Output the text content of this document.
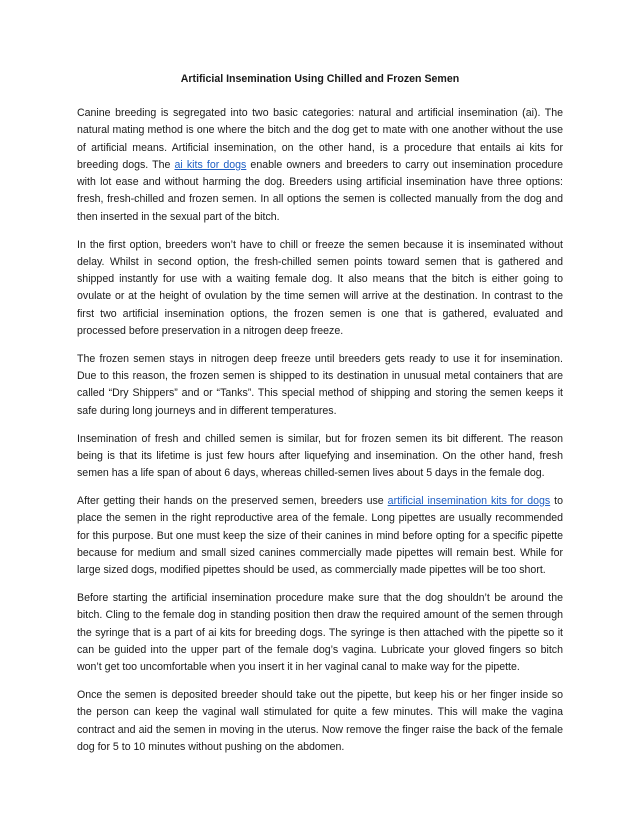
Artificial Insemination Using Chilled and Frozen Semen

Canine breeding is segregated into two basic categories: natural and artificial insemination (ai). The natural mating method is one where the bitch and the dog get to mate with one another without the use of artificial means. Artificial insemination, on the other hand, is a procedure that entails ai kits for breeding dogs. The ai kits for dogs enable owners and breeders to carry out insemination procedure with lot ease and without harming the dog. Breeders using artificial insemination have three options: fresh, fresh-chilled and frozen semen. In all options the semen is collected manually from the dog and then inserted in the sexual part of the bitch.

In the first option, breeders won’t have to chill or freeze the semen because it is inseminated without delay. Whilst in second option, the fresh-chilled semen points toward semen that is gathered and shipped instantly for use with a waiting female dog. It also means that the bitch is either going to ovulate or at the height of ovulation by the time semen will arrive at the destination. In contrast to the first two artificial insemination options, the frozen semen is one that is gathered, evaluated and processed before preservation in a nitrogen deep freeze.

The frozen semen stays in nitrogen deep freeze until breeders gets ready to use it for insemination. Due to this reason, the frozen semen is shipped to its destination in unusual metal containers that are called “Dry Shippers” and or “Tanks”. This special method of shipping and storing the semen keeps it safe during long journeys and in different temperatures.

Insemination of fresh and chilled semen is similar, but for frozen semen its bit different. The reason being is that its lifetime is just few hours after liquefying and insemination. On the other hand, fresh semen has a life span of about 6 days, whereas chilled-semen lives about 5 days in the female dog.

After getting their hands on the preserved semen, breeders use artificial insemination kits for dogs to place the semen in the right reproductive area of the female. Long pipettes are usually recommended for this purpose. But one must keep the size of their canines in mind before opting for a specific pipette because for medium and small sized canines commercially made pipettes will remain best. While for large sized dogs, modified pipettes should be used, as commercially made pipettes will be too short.

Before starting the artificial insemination procedure make sure that the dog shouldn’t be around the bitch. Cling to the female dog in standing position then draw the required amount of the semen through the syringe that is a part of ai kits for breeding dogs. The syringe is then attached with the pipette so it can be guided into the upper part of the female dog’s vagina. Lubricate your gloved fingers so bitch won’t get too uncomfortable when you insert it in her vaginal canal to make way for the pipette.

Once the semen is deposited breeder should take out the pipette, but keep his or her finger inside so the person can keep the vaginal wall stimulated for quite a few minutes. This will make the vagina contract and aid the semen in moving in the uterus. Now remove the finger raise the back of the female dog for 5 to 10 minutes without pushing on the abdomen.
